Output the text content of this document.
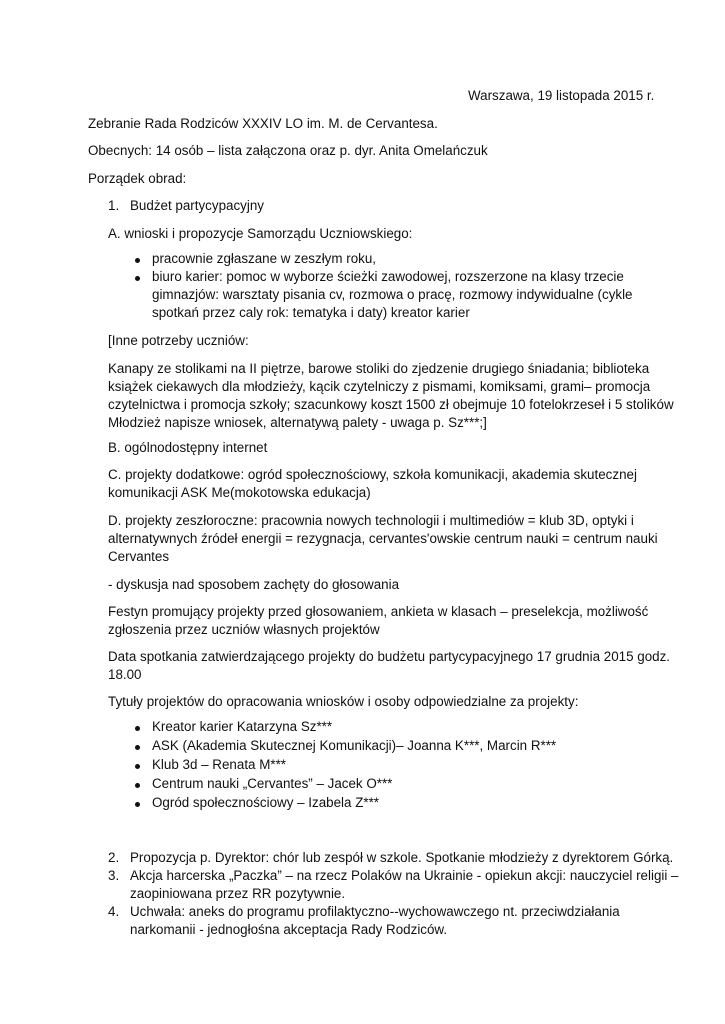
Warszawa, 19 listopada 2015 r.
Zebranie Rada Rodziców XXXIV LO im. M. de Cervantesa.
Obecnych: 14 osób – lista załączona oraz p. dyr. Anita Omelańczuk
Porządek obrad:
1. Budżet partycypacyjny
A. wnioski i propozycje Samorządu Uczniowskiego:
pracownie zgłaszane w zeszłym roku,
biuro karier: pomoc w wyborze ścieżki zawodowej, rozszerzone na klasy trzecie
gimnazjów: warsztaty pisania cv, rozmowa o pracę, rozmowy indywidualne (cykle
spotkań przez caly rok: tematyka i daty) kreator karier
[Inne potrzeby uczniów:
Kanapy ze stolikami na II piętrze, barowe stoliki do zjedzenie drugiego śniadania; biblioteka
książek ciekawych dla młodzieży, kącik czytelniczy z pismami, komiksami, grami– promocja
czytelnictwa i promocja szkoły; szacunkowy koszt 1500 zł obejmuje 10 fotelokrzeseł i 5 stolików
Młodzież napisze wniosek, alternatywą palety - uwaga p. Sz***;]
B. ogólnodostępny internet
C. projekty dodatkowe: ogród społecznościowy, szkoła komunikacji, akademia skutecznej
komunikacji ASK Me(mokotowska edukacja)
D. projekty zeszłoroczne: pracownia nowych technologii i multimediów = klub 3D, optyki i
alternatywnych źródeł energii = rezygnacja, cervantes'owskie centrum nauki = centrum nauki
Cervantes
- dyskusja nad sposobem zachęty do głosowania
Festyn promujący projekty przed głosowaniem, ankieta w klasach – preselekcja, możliwość
zgłoszenia przez uczniów własnych projektów
Data spotkania zatwierdzającego projekty do budżetu partycypacyjnego 17 grudnia 2015 godz.
18.00
Tytuły projektów do opracowania wniosków i osoby odpowiedzialne za projekty:
Kreator karier Katarzyna Sz***
ASK (Akademia Skutecznej Komunikacji)– Joanna K***, Marcin R***
Klub 3d – Renata M***
Centrum nauki „Cervantes” – Jacek O***
Ogród społecznościowy – Izabela Z***
2. Propozycja p. Dyrektor: chór lub zespół w szkole. Spotkanie młodzieży z dyrektorem Górką.
3. Akcja harcerska „Paczka” – na rzecz Polaków na Ukrainie - opiekun akcji: nauczyciel religii –
zaopiniowana przez RR pozytywnie.
4. Uchwała: aneks do programu profilaktyczno--wychowawczego nt. przeciwdziałania
narkomanii - jednogłośna akceptacja Rady Rodziców.
